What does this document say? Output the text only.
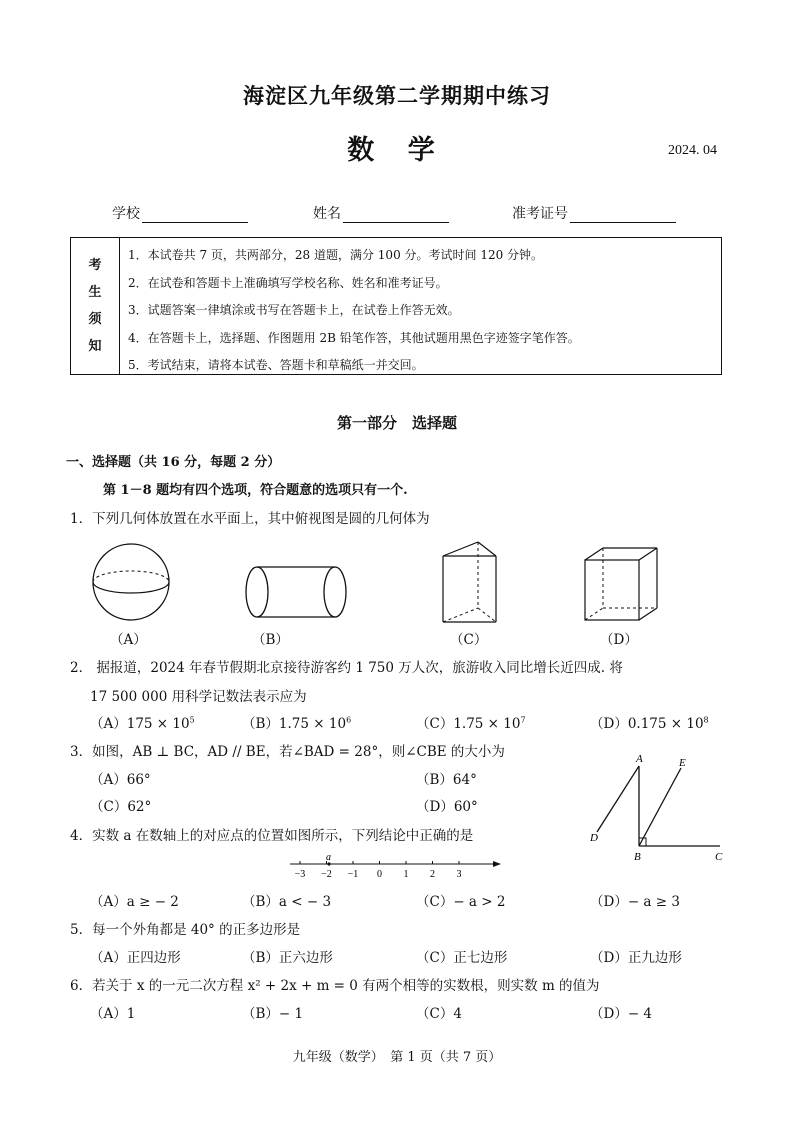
海淀区九年级第二学期期中练习
数 学	2024. 04
学校	姓名	准考证号
考
生
须
知
1．本试卷共 7 页，共两部分，28 道题，满分 100 分。考试时间 120 分钟。
2．在试卷和答题卡上准确填写学校名称、姓名和准考证号。
3．试题答案一律填涂或书写在答题卡上，在试卷上作答无效。
4．在答题卡上，选择题、作图题用 2B 铅笔作答，其他试题用黑色字迹签字笔作答。
5．考试结束，请将本试卷、答题卡和草稿纸一并交回。
第一部分　选择题
一、选择题（共 16 分，每题 2 分）
第 1－8 题均有四个选项，符合题意的选项只有一个.
1．下列几何体放置在水平面上，其中俯视图是圆的几何体为
（A）	（B）	（C）	（D）
2． 据报道，2024 年春节假期北京接待游客约 1 750 万人次，旅游收入同比增长近四成. 将
17 500 000 用科学记数法表示应为
$(A)175 \times 10^5$	$(B)1.75 \times 10^6$	$(C)1.75 \times 10^7$	$(D)0.175 \times 10^8$
3．如图，AB ⊥ BC，AD // BE，若∠BAD = 28°，则∠CBE 的大小为
（A）66°	（B）64°
（C）62°	（D）60°
A	E
D
B	C
4．实数 a 在数轴上的对应点的位置如图所示，下列结论中正确的是
−3 −2 −1 0 1 2 3
a
（A）a ≥ − 2	（B）a < − 3	（C）− a > 2	（D）− a ≥ 3
5．每一个外角都是 40° 的正多边形是
（A）正四边形	（B）正六边形	（C）正七边形	（D）正九边形
6．若关于 x 的一元二次方程 x² + 2x + m = 0 有两个相等的实数根，则实数 m 的值为
（A）1	（B）− 1	（C）4	（D）− 4
九年级（数学）　第 1 页（共 7 页）
